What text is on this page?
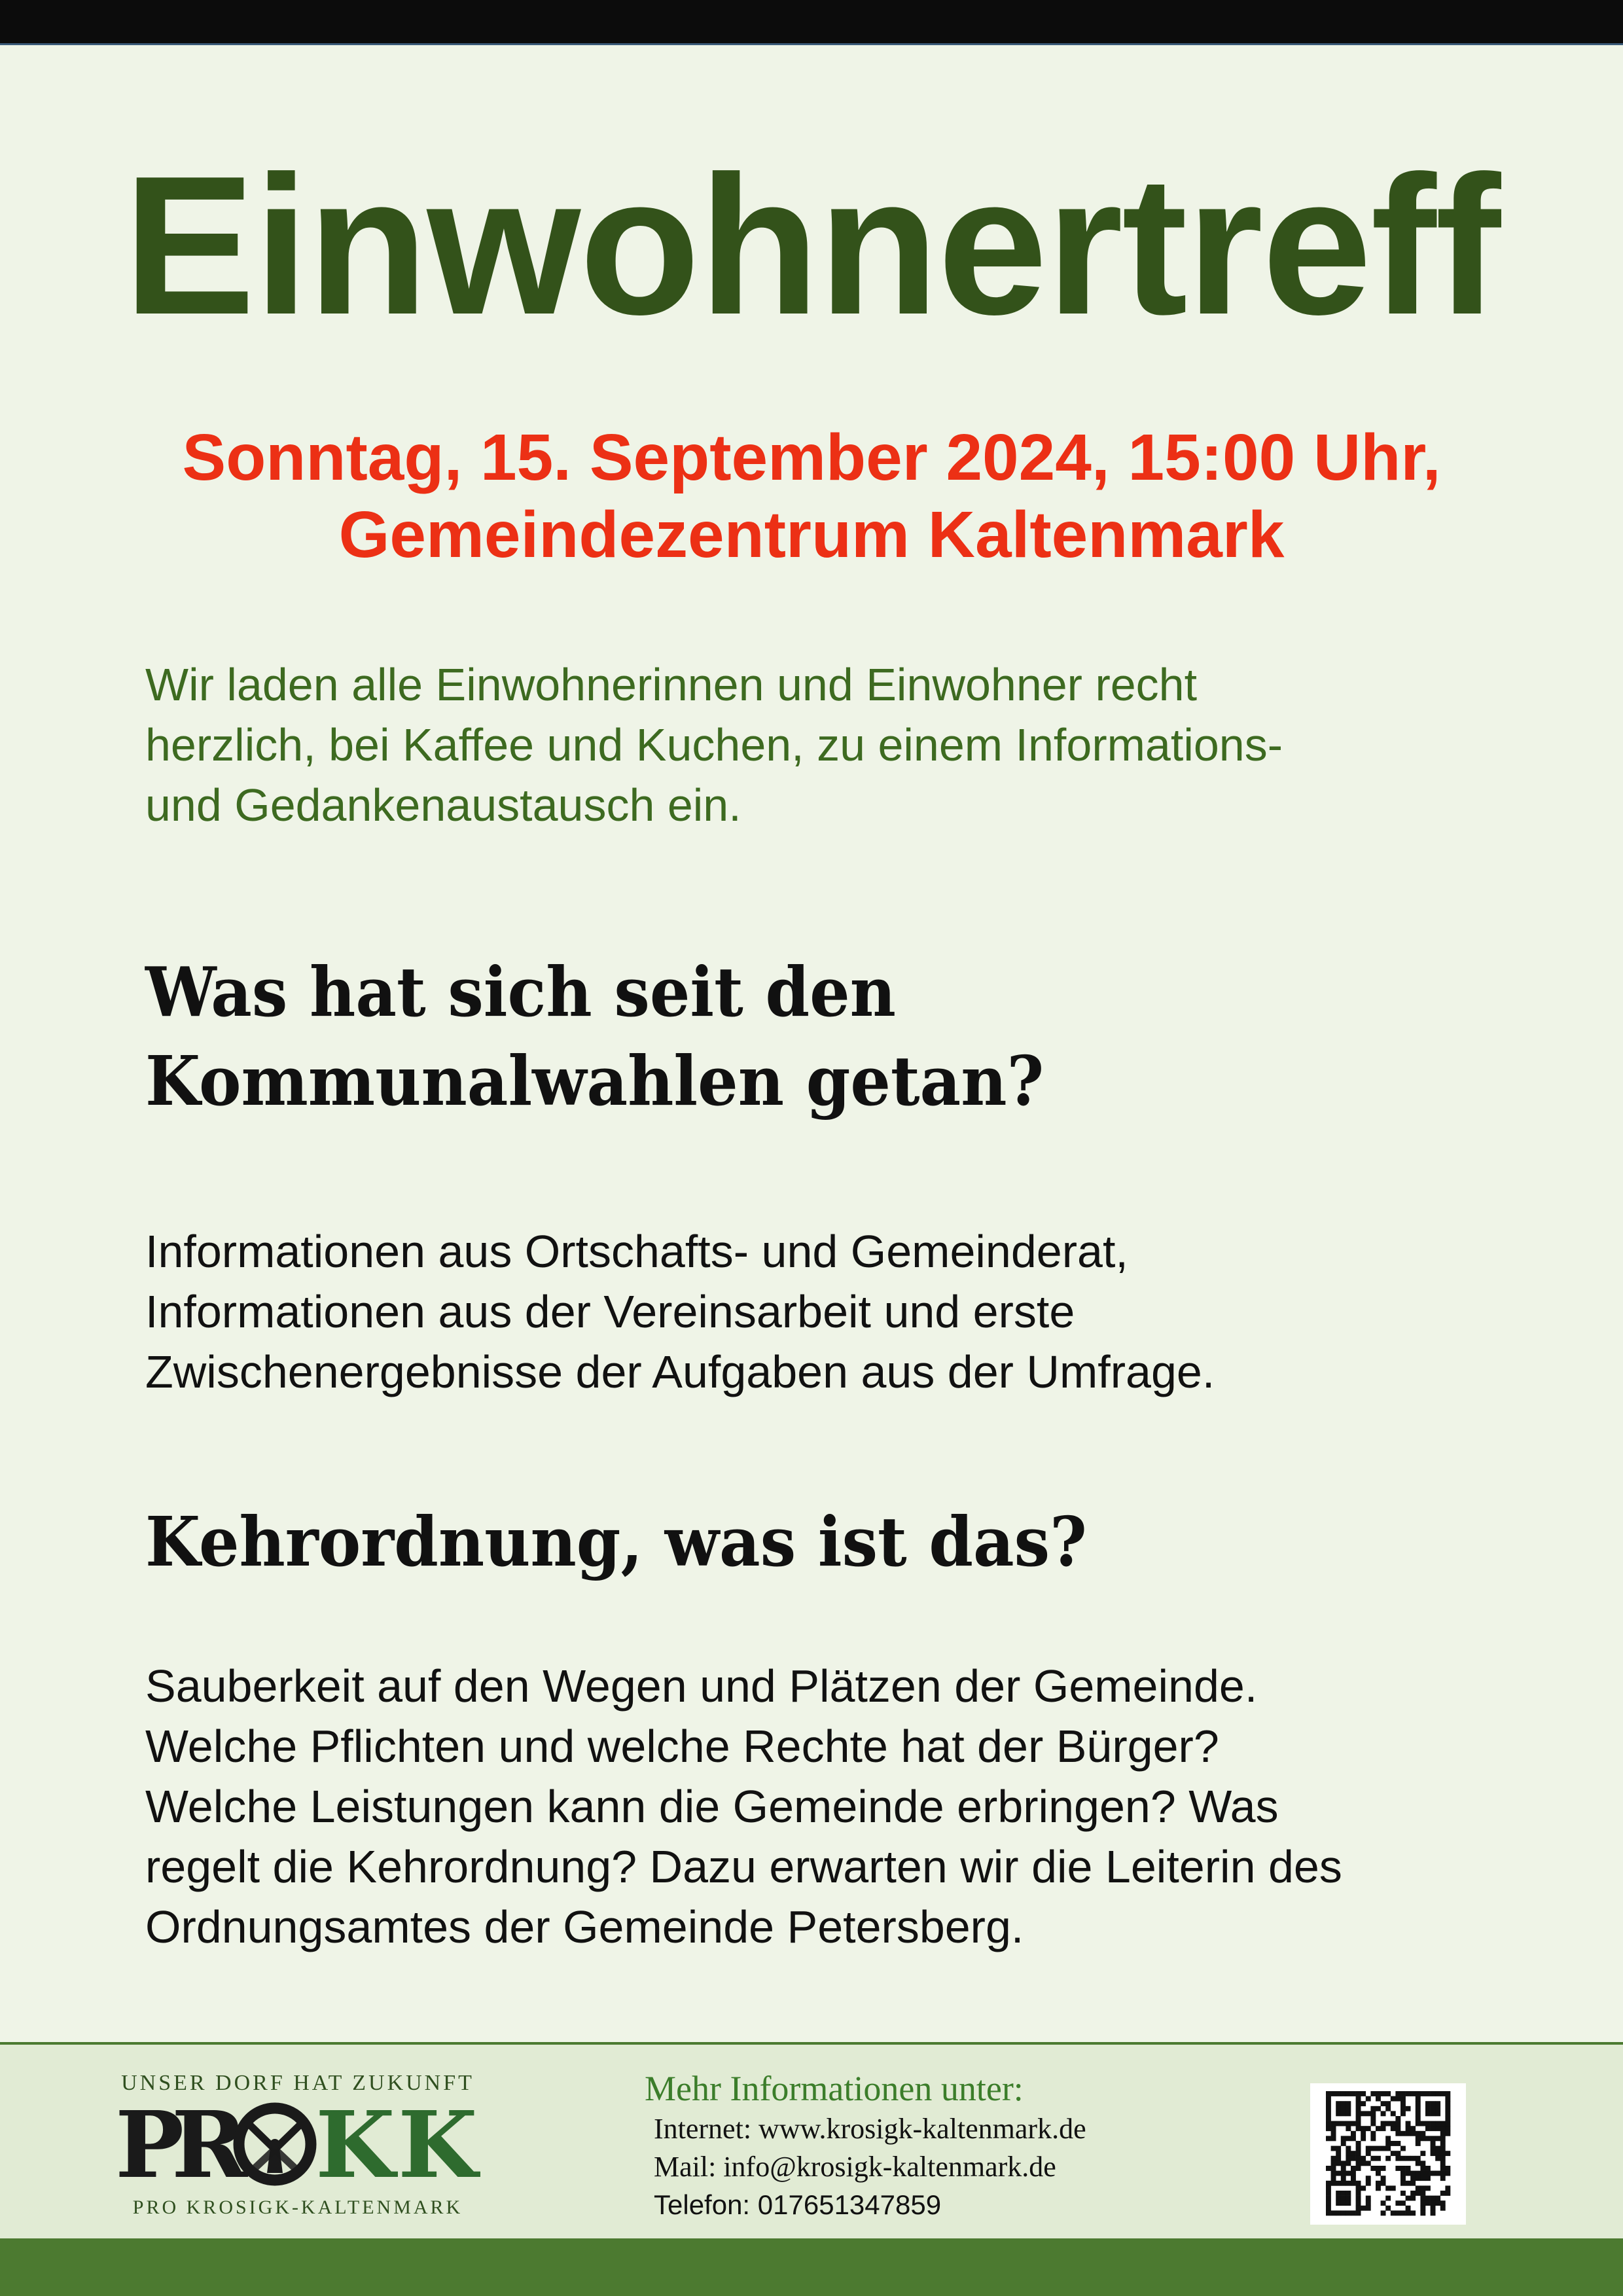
Einwohnertreff
Sonntag, 15. September 2024, 15:00 Uhr,
Gemeindezentrum Kaltenmark
Wir laden alle Einwohnerinnen und Einwohner recht
herzlich, bei Kaffee und Kuchen, zu einem Informations-
und Gedankenaustausch ein.
Was hat sich seit den
Kommunalwahlen getan?
Informationen aus Ortschafts- und Gemeinderat,
Informationen aus der Vereinsarbeit und erste
Zwischenergebnisse der Aufgaben aus der Umfrage.
Kehrordnung, was ist das?
Sauberkeit auf den Wegen und Plätzen der Gemeinde.
Welche Pflichten und welche Rechte hat der Bürger?
Welche Leistungen kann die Gemeinde erbringen? Was
regelt die Kehrordnung? Dazu erwarten wir die Leiterin des
Ordnungsamtes der Gemeinde Petersberg.
UNSER DORF HAT ZUKUNFT
P
R K K
PRO KROSIGK-KALTENMARK
Mehr Informationen unter:
Internet: www.krosigk-kaltenmark.de
Mail: info@krosigk-kaltenmark.de
Telefon: 017651347859
